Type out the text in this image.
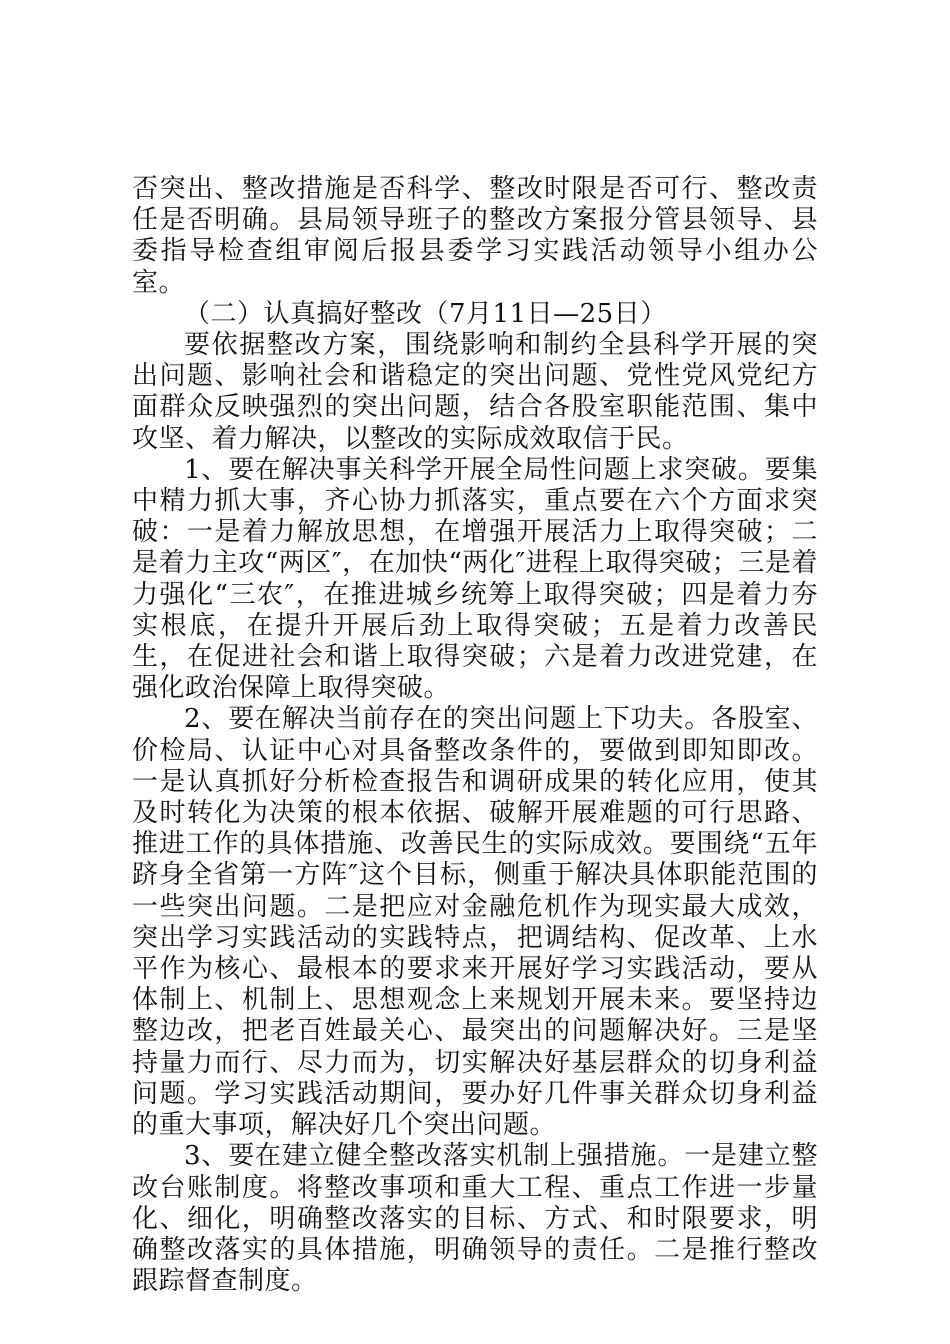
否突出、整改措施是否科学、整改时限是否可行、整改责任是否明确。县局领导班子的整改方案报分管县领导、县委指导检查组审阅后报县委学习实践活动领导小组办公室。

（二）认真搞好整改（7月11日—25日）

要依据整改方案，围绕影响和制约全县科学开展的突出问题、影响社会和谐稳定的突出问题、党性党风党纪方面群众反映强烈的突出问题，结合各股室职能范围、集中攻坚、着力解决，以整改的实际成效取信于民。

1、要在解决事关科学开展全局性问题上求突破。要集中精力抓大事，齐心协力抓落实，重点要在六个方面求突破：一是着力解放思想，在增强开展活力上取得突破；二是着力主攻“两区″，在加快“两化″进程上取得突破；三是着力强化“三农″，在推进城乡统筹上取得突破；四是着力夯实根底，在提升开展后劲上取得突破；五是着力改善民生，在促进社会和谐上取得突破；六是着力改进党建，在强化政治保障上取得突破。

2、要在解决当前存在的突出问题上下功夫。各股室、价检局、认证中心对具备整改条件的，要做到即知即改。一是认真抓好分析检查报告和调研成果的转化应用，使其及时转化为决策的根本依据、破解开展难题的可行思路、推进工作的具体措施、改善民生的实际成效。要围绕“五年跻身全省第一方阵″这个目标，侧重于解决具体职能范围的一些突出问题。二是把应对金融危机作为现实最大成效，突出学习实践活动的实践特点，把调结构、促改革、上水平作为核心、最根本的要求来开展好学习实践活动，要从体制上、机制上、思想观念上来规划开展未来。要坚持边整边改，把老百姓最关心、最突出的问题解决好。三是坚持量力而行、尽力而为，切实解决好基层群众的切身利益问题。学习实践活动期间，要办好几件事关群众切身利益的重大事项，解决好几个突出问题。

3、要在建立健全整改落实机制上强措施。一是建立整改台账制度。将整改事项和重大工程、重点工作进一步量化、细化，明确整改落实的目标、方式、和时限要求，明确整改落实的具体措施，明确领导的责任。二是推行整改跟踪督查制度。
